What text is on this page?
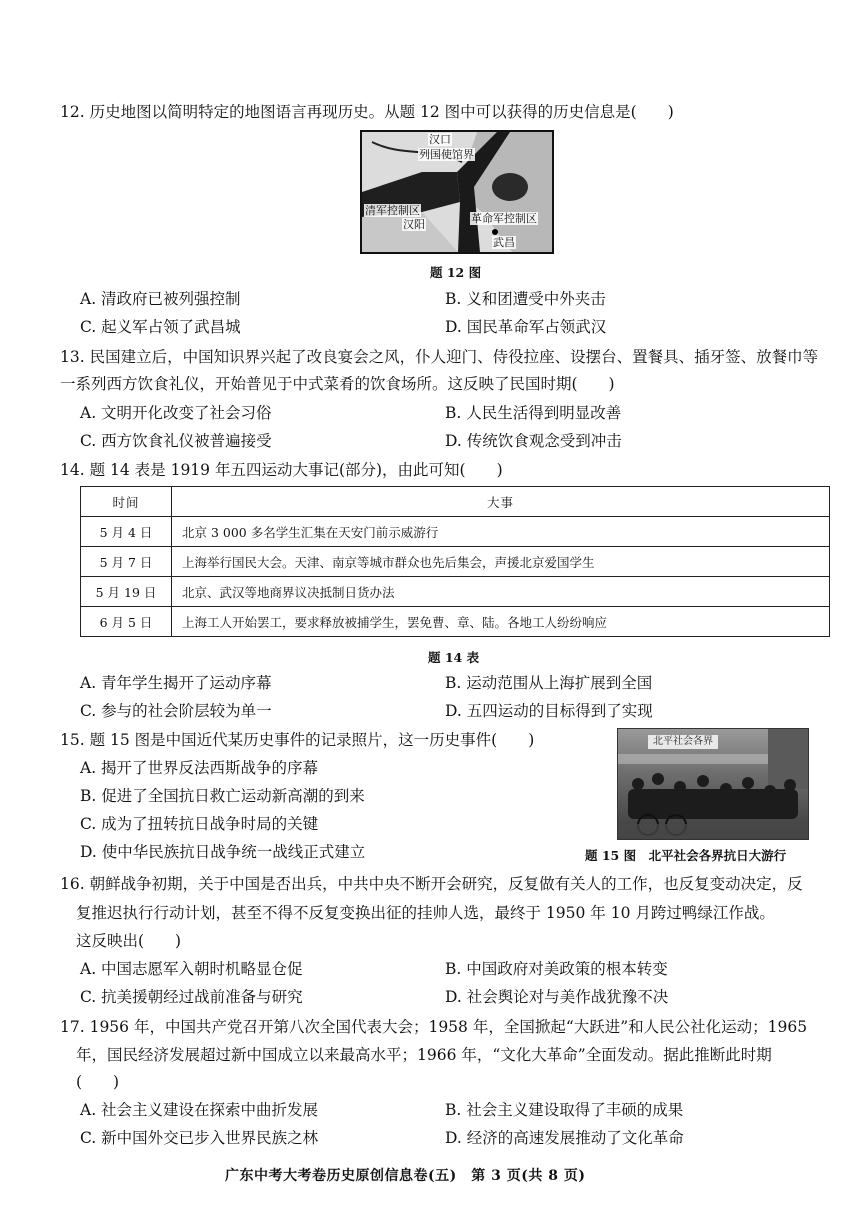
12. 历史地图以简明特定的地图语言再现历史。从题 12 图中可以获得的历史信息是(　　)
汉口
列国使馆界
清军控制区
汉阳	革命军控制区
武昌
题 12 图
A. 清政府已被列强控制	B. 义和团遭受中外夹击
C. 起义军占领了武昌城	D. 国民革命军占领武汉
13. 民国建立后，中国知识界兴起了改良宴会之风，仆人迎门、侍役拉座、设摆台、置餐具、插牙签、放餐巾等
一系列西方饮食礼仪，开始普见于中式菜肴的饮食场所。这反映了民国时期(　　)
A. 文明开化改变了社会习俗	B. 人民生活得到明显改善
C. 西方饮食礼仪被普遍接受	D. 传统饮食观念受到冲击
14. 题 14 表是 1919 年五四运动大事记(部分)，由此可知(　　)
时间	大事
5 月 4 日	北京 3 000 多名学生汇集在天安门前示威游行
5 月 7 日	上海举行国民大会。天津、南京等城市群众也先后集会，声援北京爱国学生
5 月 19 日	北京、武汉等地商界议决抵制日货办法
6 月 5 日	上海工人开始罢工，要求释放被捕学生，罢免曹、章、陆。各地工人纷纷响应
题 14 表
A. 青年学生揭开了运动序幕	B. 运动范围从上海扩展到全国
C. 参与的社会阶层较为单一	D. 五四运动的目标得到了实现
15. 题 15 图是中国近代某历史事件的记录照片，这一历史事件(　　)
A. 揭开了世界反法西斯战争的序幕
B. 促进了全国抗日救亡运动新高潮的到来
C. 成为了扭转抗日战争时局的关键
D. 使中华民族抗日战争统一战线正式建立
北平社会各界
题 15 图　北平社会各界抗日大游行
16. 朝鲜战争初期，关于中国是否出兵，中共中央不断开会研究，反复做有关人的工作，也反复变动决定，反
复推迟执行行动计划，甚至不得不反复变换出征的挂帅人选，最终于 1950 年 10 月跨过鸭绿江作战。
这反映出(　　)
A. 中国志愿军入朝时机略显仓促	B. 中国政府对美政策的根本转变
C. 抗美援朝经过战前准备与研究	D. 社会舆论对与美作战犹豫不决
17. 1956 年，中国共产党召开第八次全国代表大会；1958 年，全国掀起“大跃进”和人民公社化运动；1965
年，国民经济发展超过新中国成立以来最高水平；1966 年，“文化大革命”全面发动。据此推断此时期
(　　)
A. 社会主义建设在探索中曲折发展	B. 社会主义建设取得了丰硕的成果
C. 新中国外交已步入世界民族之林	D. 经济的高速发展推动了文化革命
广东中考大考卷历史原创信息卷(五)　第 3 页(共 8 页)
